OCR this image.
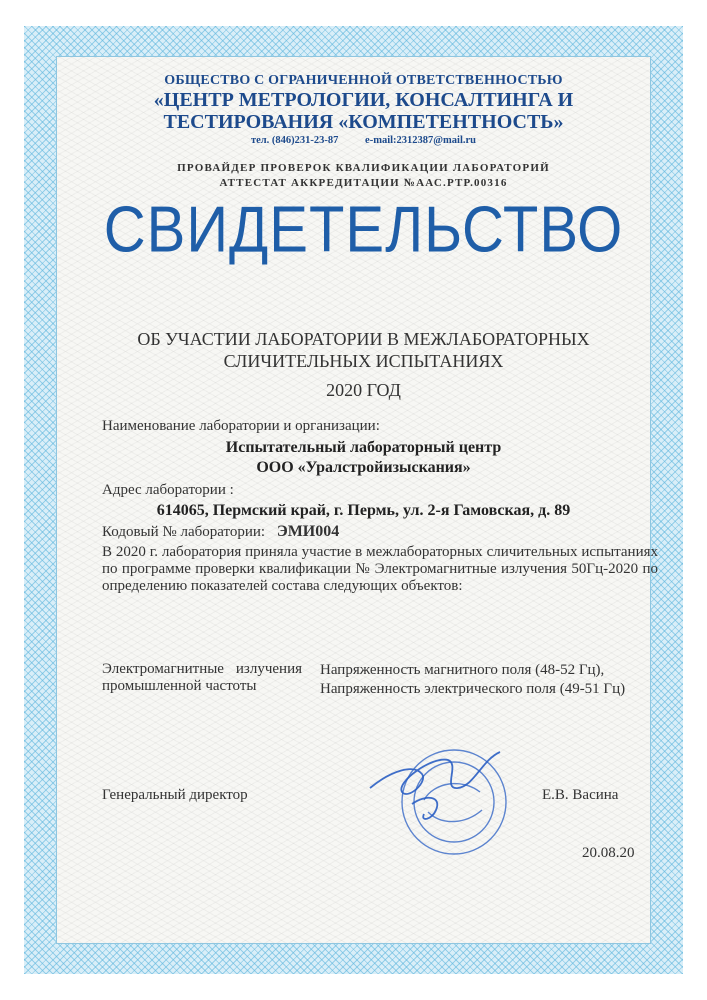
ОБЩЕСТВО С ОГРАНИЧЕННОЙ ОТВЕТСТВЕННОСТЬЮ
«ЦЕНТР МЕТРОЛОГИИ, КОНСАЛТИНГА И
ТЕСТИРОВАНИЯ «КОМПЕТЕНТНОСТЬ»
тел. (846)231-23-87	e-mail:2312387@mail.ru
ПРОВАЙДЕР ПРОВЕРОК КВАЛИФИКАЦИИ ЛАБОРАТОРИЙ
АТТЕСТАТ АККРЕДИТАЦИИ №ААС.РТР.00316
СВИДЕТЕЛЬСТВО
ОБ УЧАСТИИ ЛАБОРАТОРИИ В МЕЖЛАБОРАТОРНЫХ
СЛИЧИТЕЛЬНЫХ ИСПЫТАНИЯХ
2020 ГОД
Наименование лаборатории и организации:
Испытательный лабораторный центр
ООО «Уралстройизыскания»
Адрес лаборатории :
614065, Пермский край, г. Пермь, ул. 2-я Гамовская, д. 89
Кодовый № лаборатории: ЭМИ004
В 2020 г. лаборатория приняла участие в межлабораторных сличительных испытаниях по программе проверки квалификации № Электромагнитные излучения 50Гц-2020 по определению показателей состава следующих объектов:
Электромагнитные излучения промышленной частоты
Напряженность магнитного поля (48-52 Гц),
Напряженность электрического поля (49-51 Гц)
Генеральный директор	Е.В. Васина
20.08.20
